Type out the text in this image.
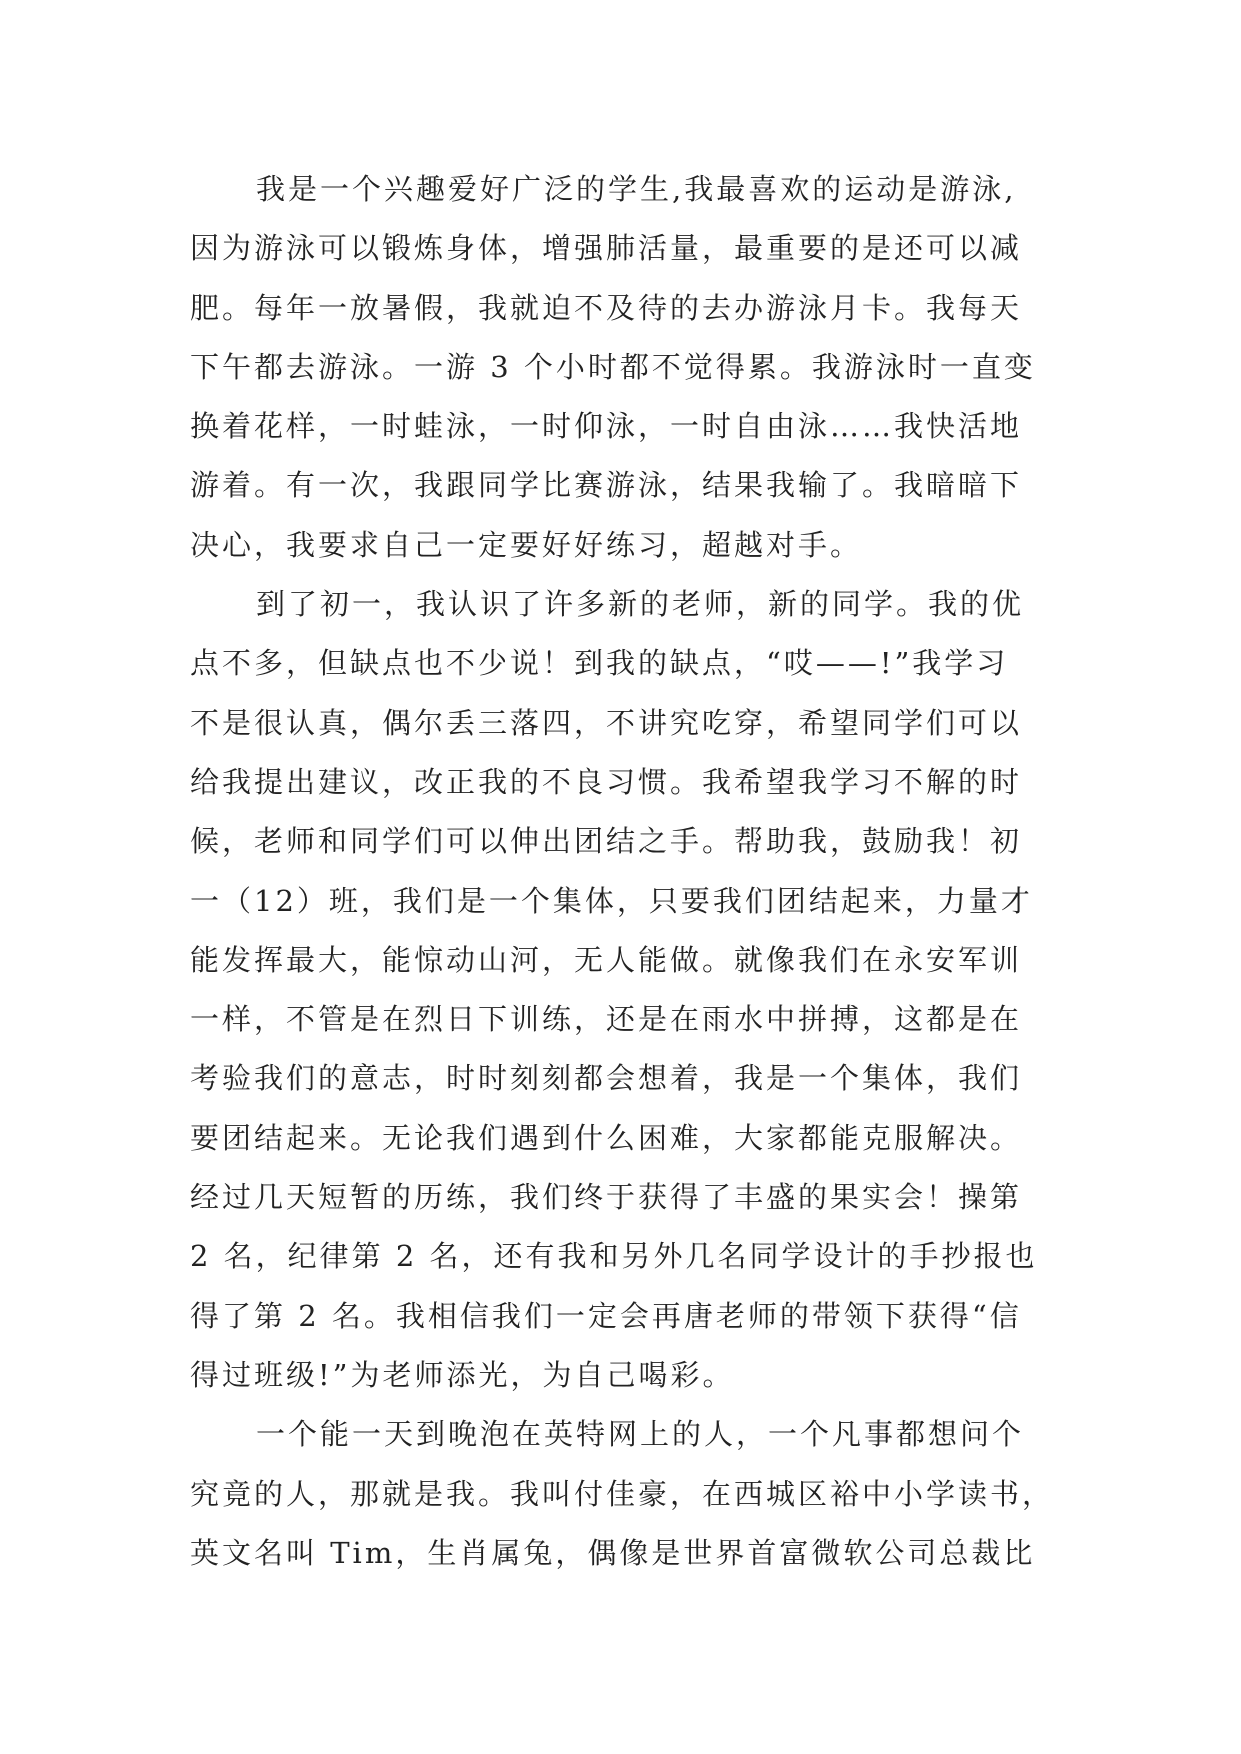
我是一个兴趣爱好广泛的学生,我最喜欢的运动是游泳,
因为游泳可以锻炼身体，增强肺活量，最重要的是还可以减
肥。每年一放暑假，我就迫不及待的去办游泳月卡。我每天
下午都去游泳。一游 3 个小时都不觉得累。我游泳时一直变
换着花样，一时蛙泳，一时仰泳，一时自由泳……我快活地
游着。有一次，我跟同学比赛游泳，结果我输了。我暗暗下
决心，我要求自己一定要好好练习，超越对手。
到了初一，我认识了许多新的老师，新的同学。我的优
点不多，但缺点也不少说！到我的缺点，“哎——!”我学习
不是很认真，偶尔丢三落四，不讲究吃穿，希望同学们可以
给我提出建议，改正我的不良习惯。我希望我学习不解的时
候，老师和同学们可以伸出团结之手。帮助我，鼓励我！初
一（12）班，我们是一个集体，只要我们团结起来，力量才
能发挥最大，能惊动山河，无人能做。就像我们在永安军训
一样，不管是在烈日下训练，还是在雨水中拼搏，这都是在
考验我们的意志，时时刻刻都会想着，我是一个集体，我们
要团结起来。无论我们遇到什么困难，大家都能克服解决。
经过几天短暂的历练，我们终于获得了丰盛的果实会！操第
2 名，纪律第 2 名，还有我和另外几名同学设计的手抄报也
得了第 2 名。我相信我们一定会再唐老师的带领下获得“信
得过班级!”为老师添光，为自己喝彩。
一个能一天到晚泡在英特网上的人，一个凡事都想问个
究竟的人，那就是我。我叫付佳豪，在西城区裕中小学读书，
英文名叫 Tim，生肖属兔，偶像是世界首富微软公司总裁比
